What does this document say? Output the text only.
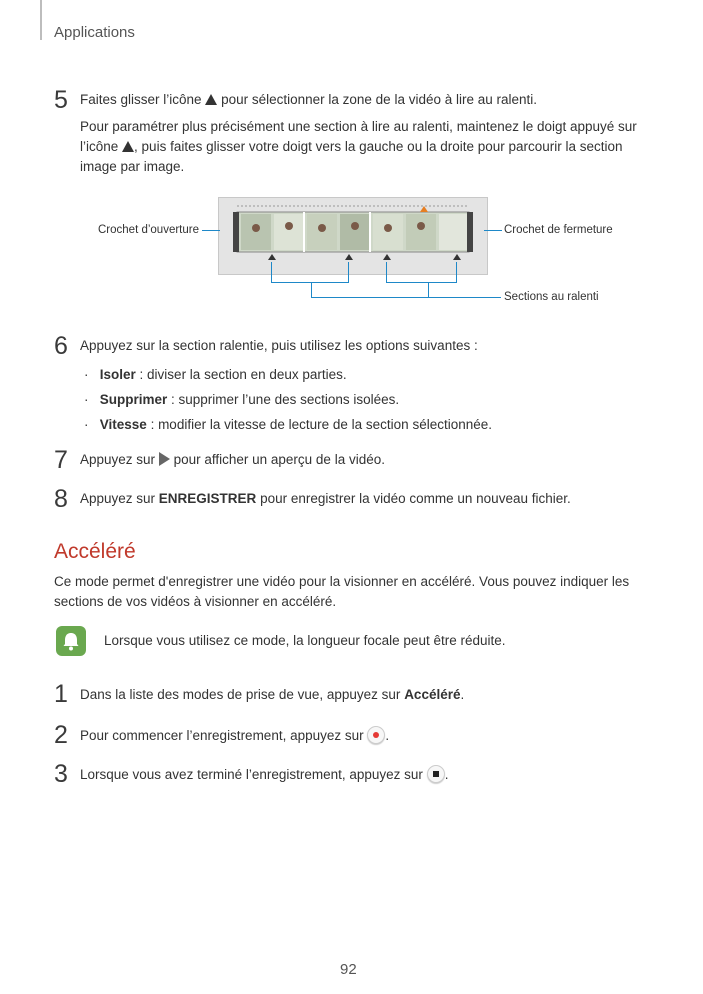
Applications
5 Faites glisser l’icône pour sélectionner la zone de la vidéo à lire au ralenti.
Pour paramétrer plus précisément une section à lire au ralenti, maintenez le doigt appuyé sur
l’icône , puis faites glisser votre doigt vers la gauche ou la droite pour parcourir la section
image par image.
Crochet d’ouverture	Crochet de fermeture
Sections au ralenti
6 Appuyez sur la section ralentie, puis utilisez les options suivantes :
· Isoler : diviser la section en deux parties.
· Supprimer : supprimer l’une des sections isolées.
· Vitesse : modifier la vitesse de lecture de la section sélectionnée.
7 Appuyez sur pour afficher un aperçu de la vidéo.
8 Appuyez sur ENREGISTRER pour enregistrer la vidéo comme un nouveau fichier.
Accéléré
Ce mode permet d'enregistrer une vidéo pour la visionner en accéléré. Vous pouvez indiquer les
sections de vos vidéos à visionner en accéléré.
Lorsque vous utilisez ce mode, la longueur focale peut être réduite.
1 Dans la liste des modes de prise de vue, appuyez sur Accéléré.
2 Pour commencer l’enregistrement, appuyez sur .
3 Lorsque vous avez terminé l’enregistrement, appuyez sur .
92
